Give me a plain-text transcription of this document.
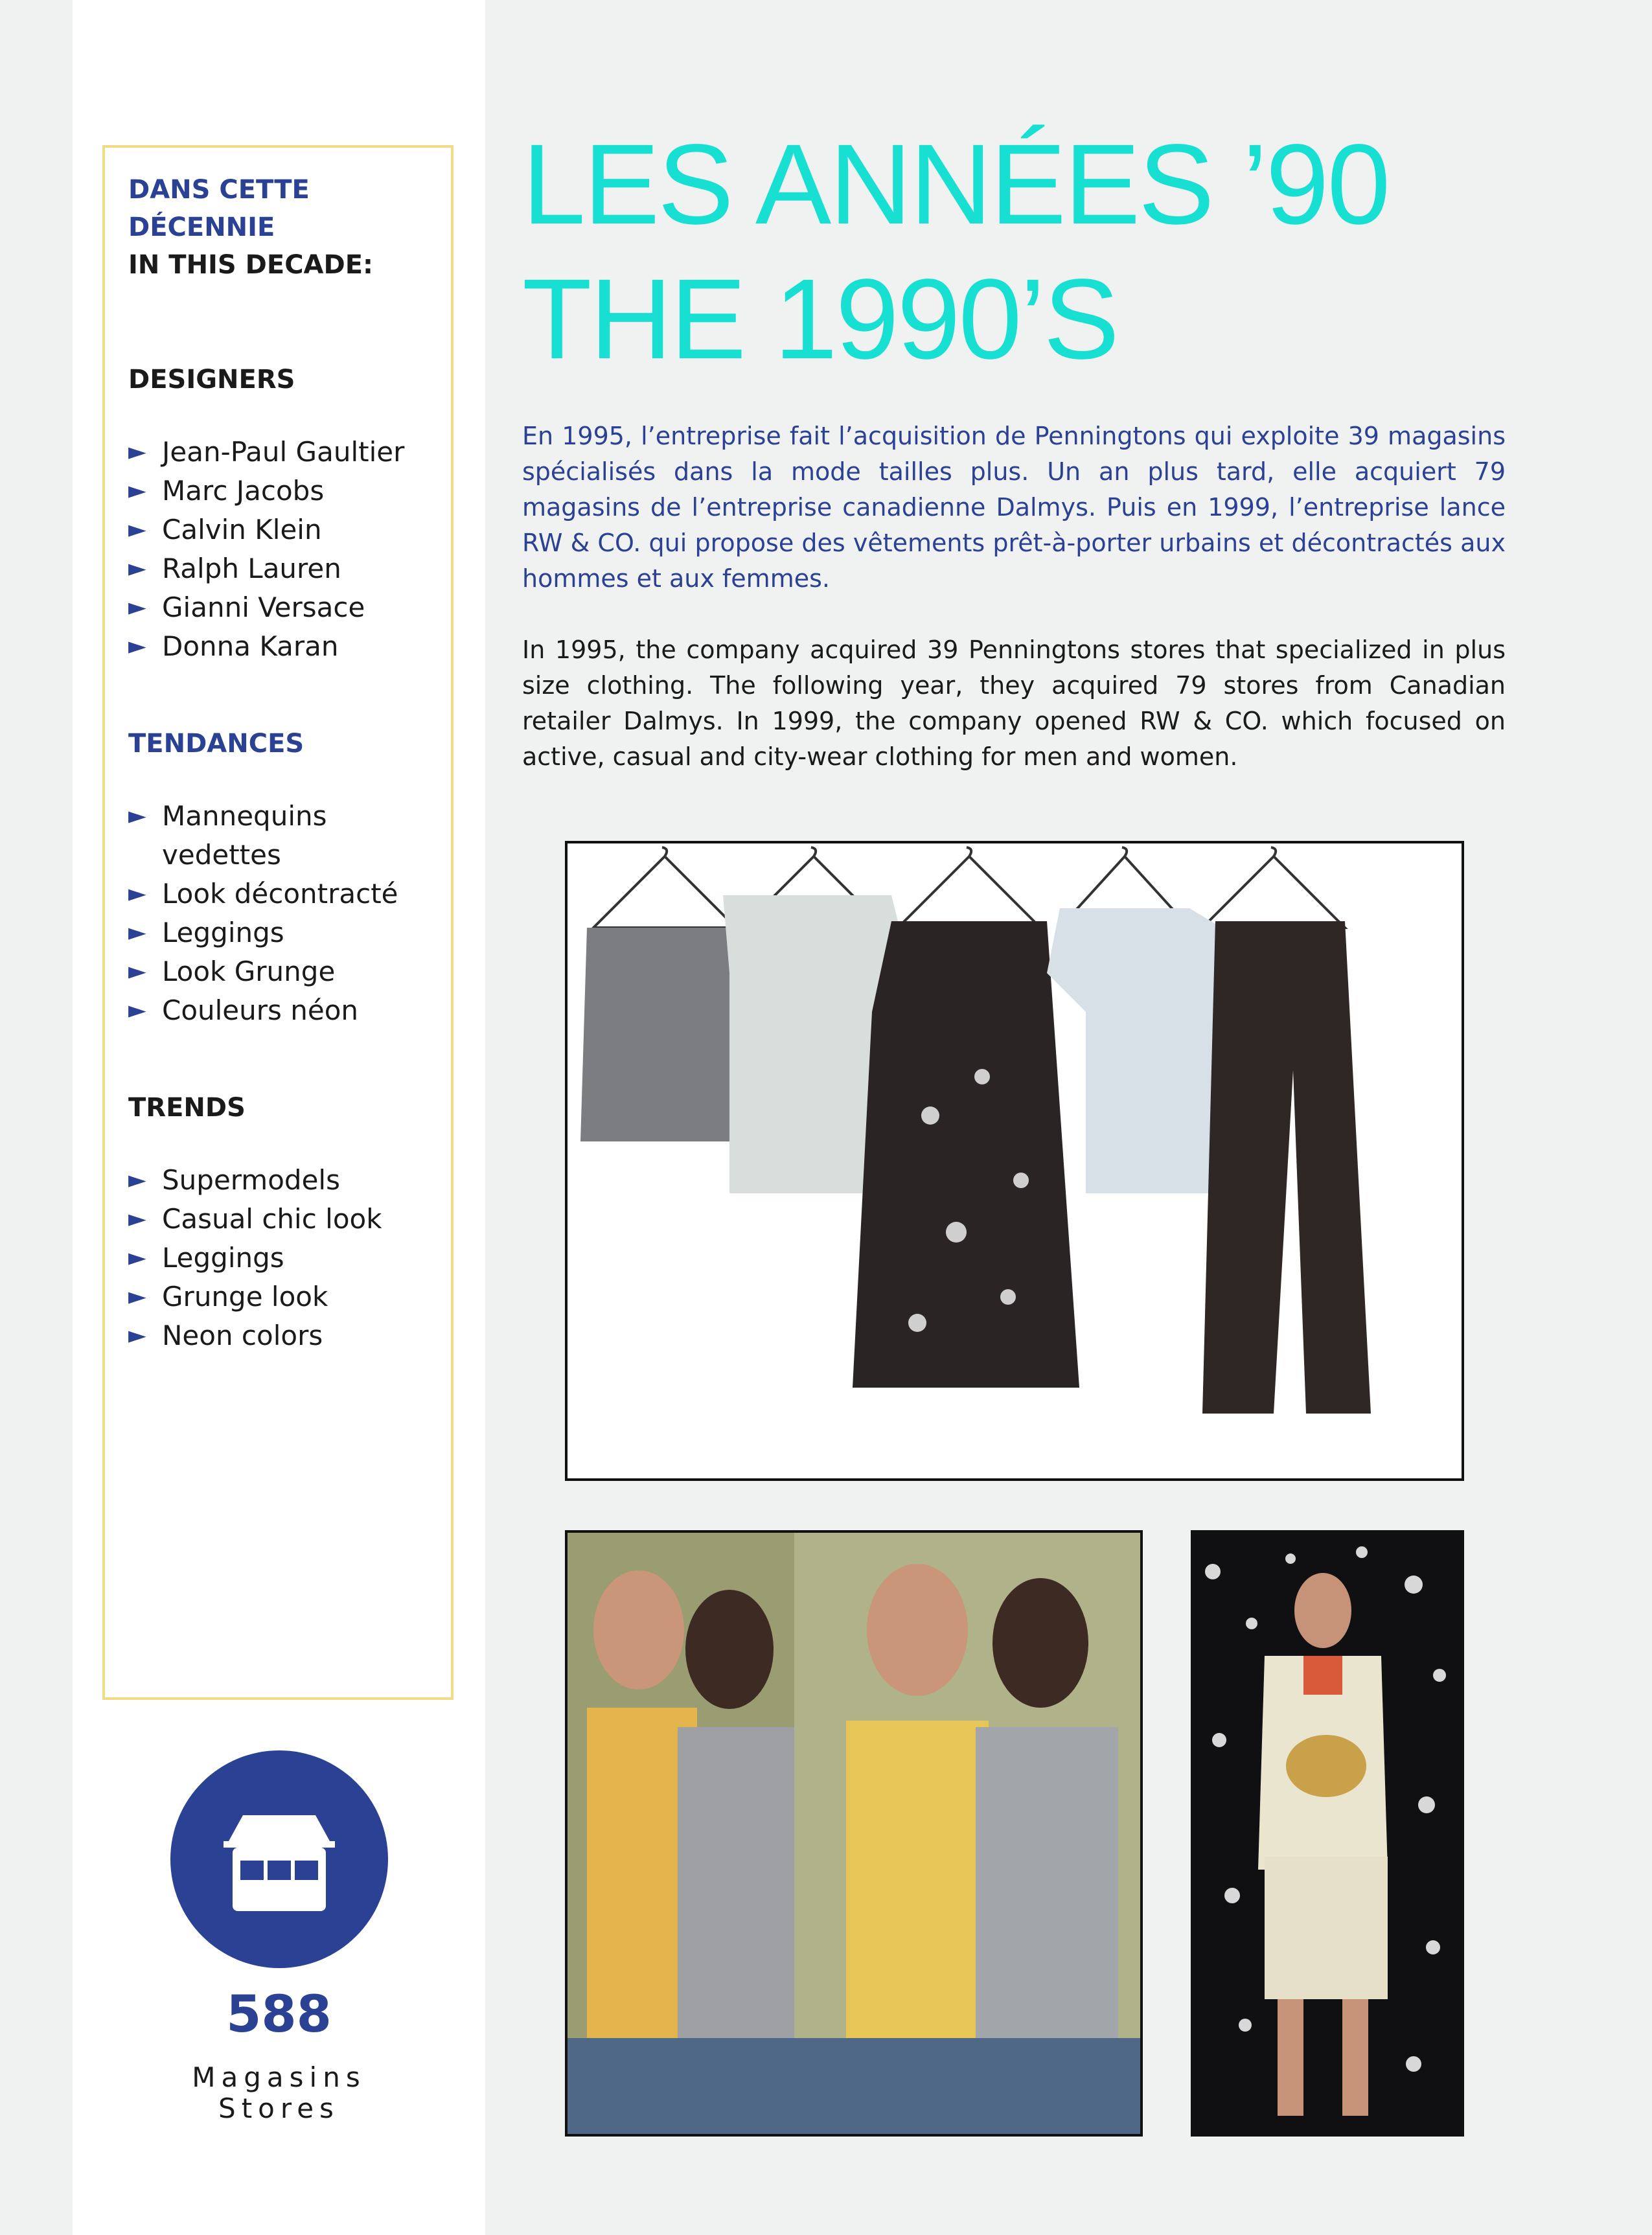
DANS CETTE DÉCENNIE

IN THIS DECADE:

DESIGNERS

► Jean-Paul Gaultier
► Marc Jacobs
► Calvin Klein
► Ralph Lauren
► Gianni Versace
► Donna Karan

TENDANCES

► Mannequins vedettes
► Look décontracté
► Leggings
► Look Grunge
► Couleurs néon

TRENDS

► Supermodels
► Casual chic look
► Leggings
► Grunge look
► Neon colors
588
Magasins
Stores
LES ANNÉES ’90
THE 1990’S

En 1995, l’entreprise fait l’acquisition de Penningtons qui exploite 39 magasins spécialisés dans la mode tailles plus. Un an plus tard, elle acquiert 79 magasins de l’entreprise canadienne Dalmys. Puis en 1999, l’entreprise lance RW & CO. qui propose des vêtements prêt-à-porter urbains et décontractés aux hommes et aux femmes.

In 1995, the company acquired 39 Penningtons stores that specialized in plus size clothing. The following year, they acquired 79 stores from Canadian retailer Dalmys. In 1999, the company opened RW & CO. which focused on active, casual and city-wear clothing for men and women.
